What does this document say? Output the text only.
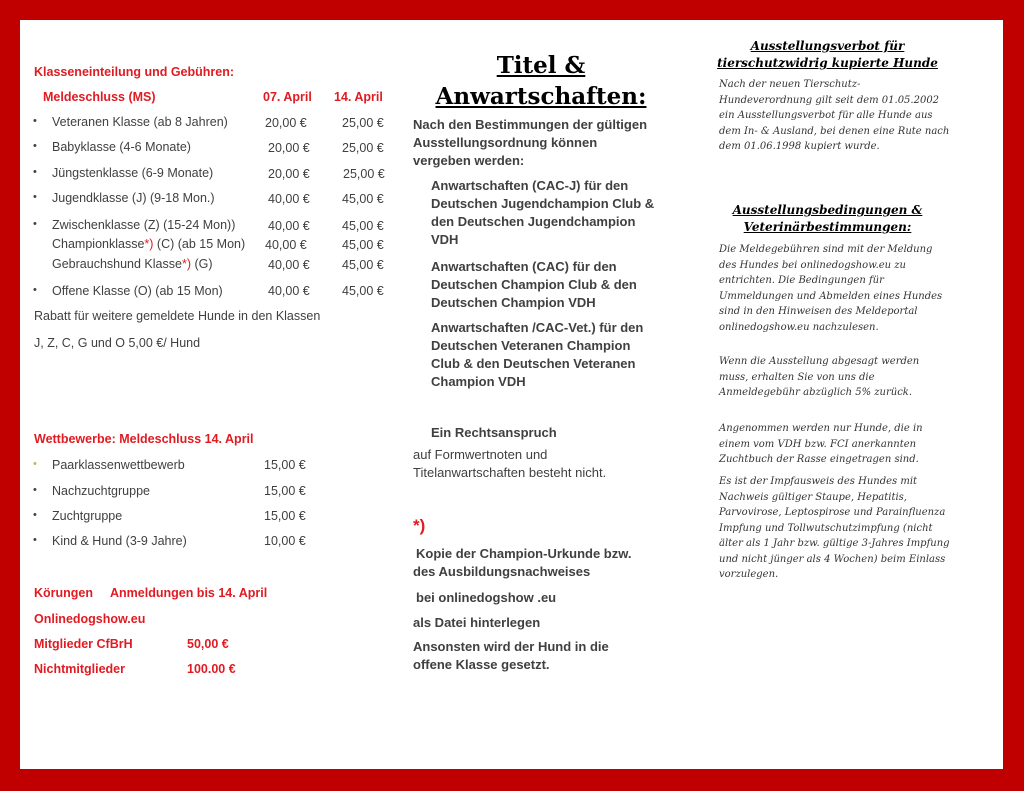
Klasseneinteilung und Gebühren:
Meldeschluss (MS)	07. April 14. April
• Veteranen Klasse (ab 8 Jahren)	20,00 €	25,00 €
• Babyklasse (4-6 Monate)	20,00 €	25,00 €
• Jüngstenklasse (6-9 Monate)	20,00 €	25,00 €
• Jugendklasse (J) (9-18 Mon.)	40,00 €	45,00 €
• Zwischenklasse (Z) (15-24 Mon))	40,00 €	45,00 €
Championklasse*) (C) (ab 15 Mon) 40,00 €	45,00 €
Gebrauchshund Klasse*) (G)	40,00 €	45,00 €
• Offene Klasse (O) (ab 15 Mon)	40,00 €	45,00 €
Rabatt für weitere gemeldete Hunde in den Klassen
J, Z, C, G und O 5,00 €/ Hund
Wettbewerbe: Meldeschluss 14. April
• Paarklassenwettbewerb	15,00 €
• Nachzuchtgruppe	15,00 €
• Zuchtgruppe	15,00 €
• Kind & Hund (3-9 Jahre)	10,00 €
Körungen Anmeldungen bis 14. April
Onlinedogshow.eu
Mitglieder CfBrH	50,00 €
Nichtmitglieder	100.00 €
Titel &
Anwartschaften:
Nach den Bestimmungen der gültigen
Ausstellungsordnung können
vergeben werden:
Anwartschaften (CAC-J) für den
Deutschen Jugendchampion Club &
den Deutschen Jugendchampion
VDH
Anwartschaften (CAC) für den
Deutschen Champion Club & den
Deutschen Champion VDH
Anwartschaften /CAC-Vet.) für den
Deutschen Veteranen Champion
Club & den Deutschen Veteranen
Champion VDH
Ein Rechtsanspruch
auf Formwertnoten und
Titelanwartschaften besteht nicht.
*)
Kopie der Champion-Urkunde bzw.
des Ausbildungsnachweises
bei onlinedogshow .eu
als Datei hinterlegen
Ansonsten wird der Hund in die
offene Klasse gesetzt.
Ausstellungsverbot für
tierschutzwidrig kupierte Hunde
Nach der neuen Tierschutz-Hundeverordnung gilt seit dem 01.05.2002 ein Ausstellungsverbot für alle Hunde aus dem In- & Ausland, bei denen eine Rute nach dem 01.06.1998 kupiert wurde.
Ausstellungsbedingungen &
Veterinärbestimmungen:
Die Meldegebühren sind mit der Meldung des Hundes bei onlinedogshow.eu zu entrichten. Die Bedingungen für Ummeldungen und Abmelden eines Hundes sind in den Hinweisen des Meldeportal onlinedogshow.eu nachzulesen.
Wenn die Ausstellung abgesagt werden muss, erhalten Sie von uns die Anmeldegebühr abzüglich 5% zurück.
Angenommen werden nur Hunde, die in einem vom VDH bzw. FCI anerkannten Zuchtbuch der Rasse eingetragen sind.
Es ist der Impfausweis des Hundes mit Nachweis gültiger Staupe, Hepatitis, Parvovirose, Leptospirose und Parainfluenza Impfung und Tollwutschutzimpfung (nicht älter als 1 Jahr bzw. gültige 3-Jahres Impfung und nicht jünger als 4 Wochen) beim Einlass vorzulegen.
